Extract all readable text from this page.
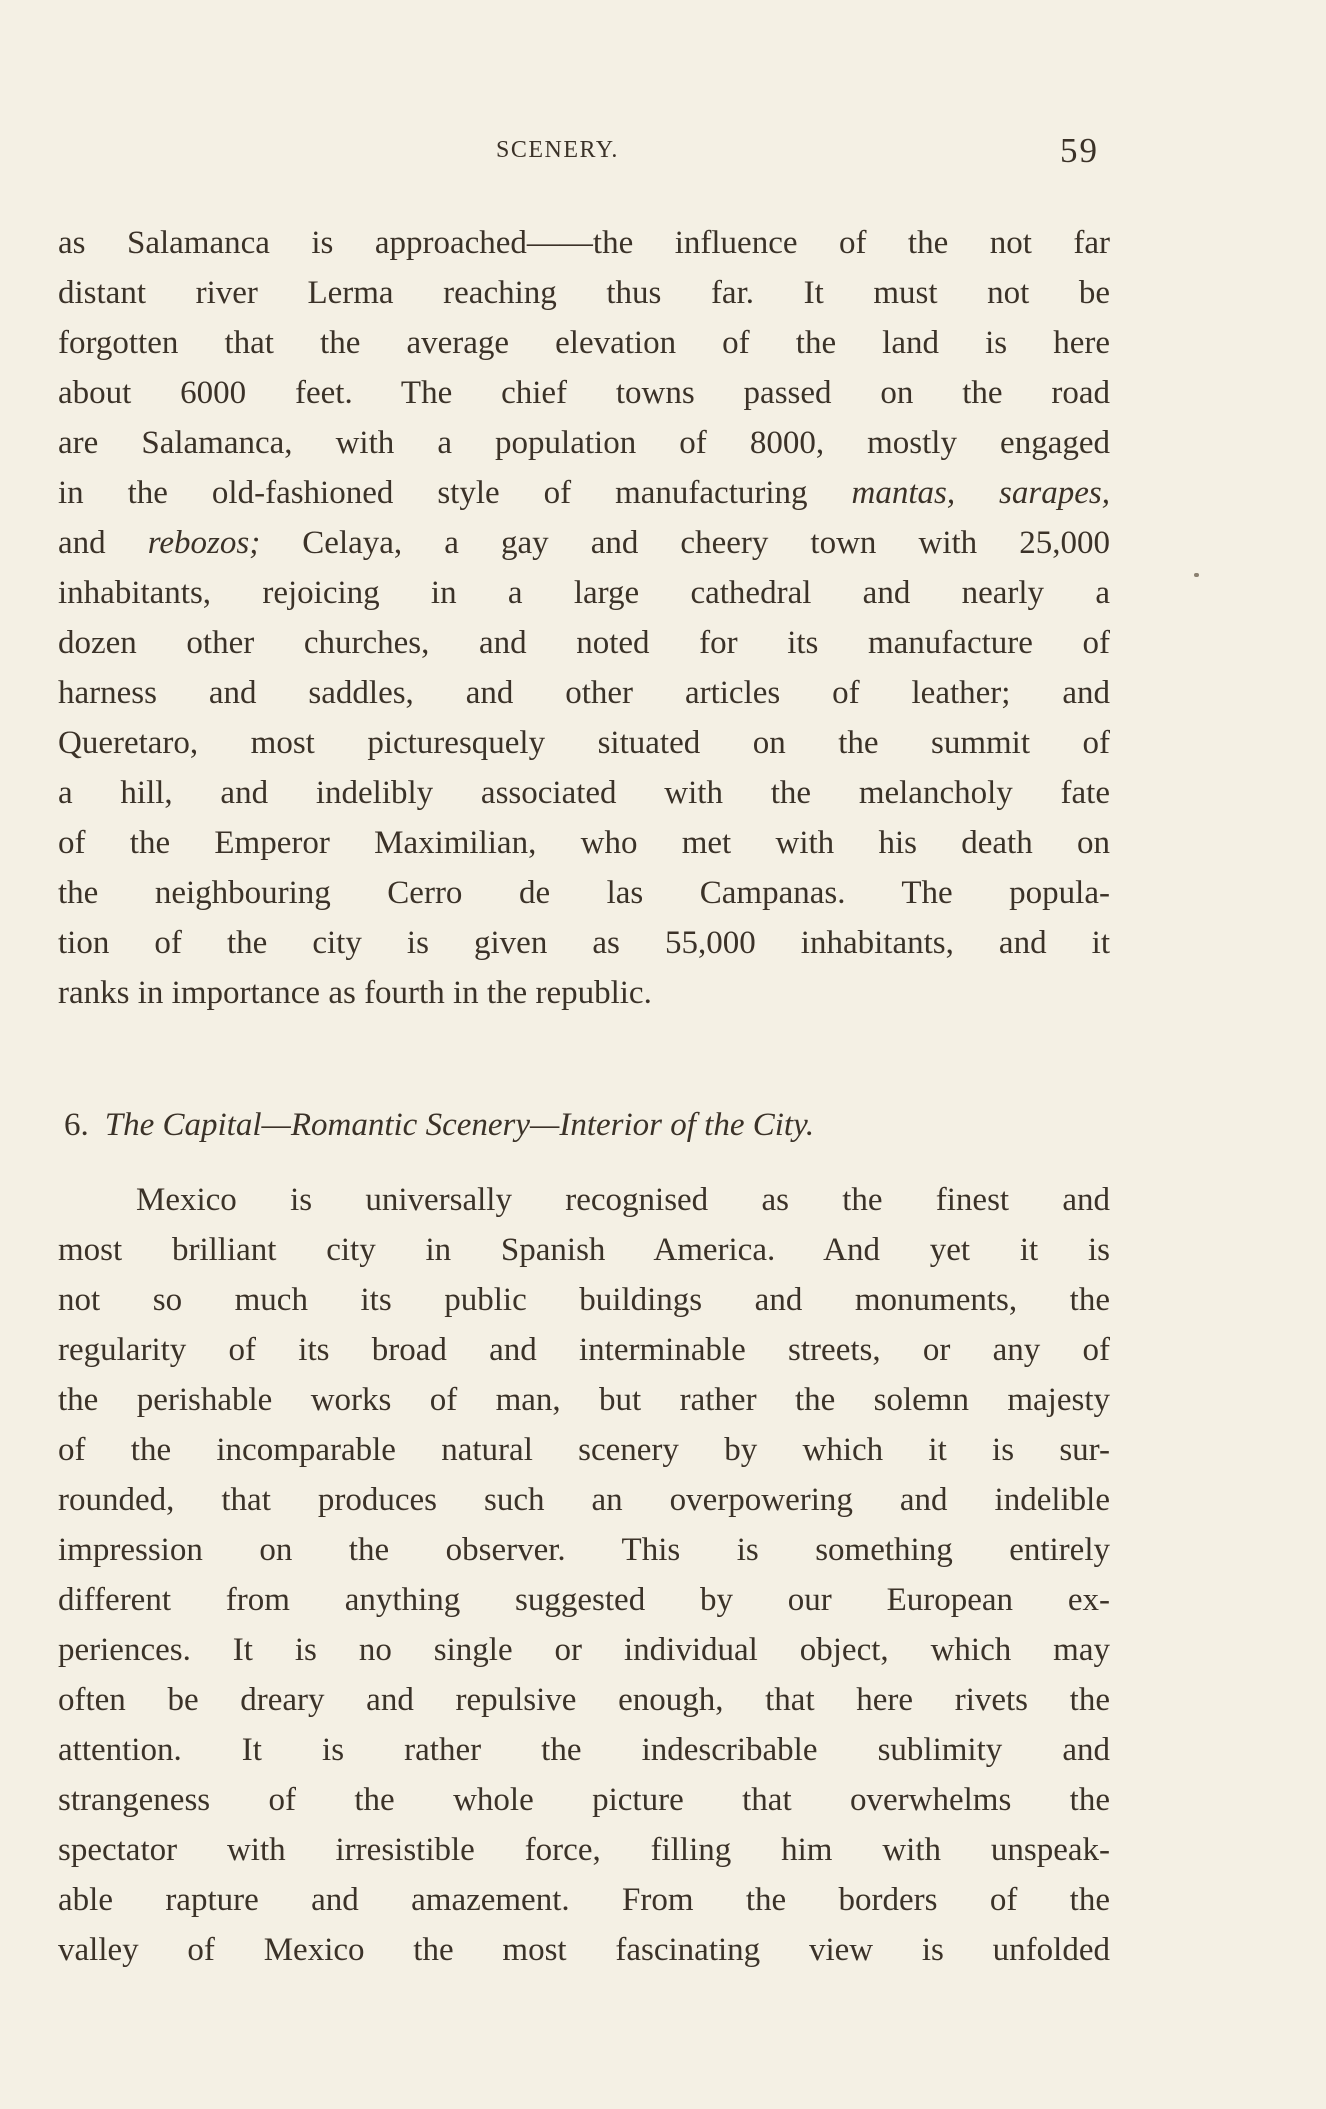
SCENERY.	59
as Salamanca is approached——the influence of the not far
distant river Lerma reaching thus far. It must not be
forgotten that the average elevation of the land is here
about 6000 feet. The chief towns passed on the road
are Salamanca, with a population of 8000, mostly engaged
in the old-fashioned style of manufacturing mantas, sarapes,
and rebozos; Celaya, a gay and cheery town with 25,000
inhabitants, rejoicing in a large cathedral and nearly a
dozen other churches, and noted for its manufacture of
harness and saddles, and other articles of leather; and
Queretaro, most picturesquely situated on the summit of
a hill, and indelibly associated with the melancholy fate
of the Emperor Maximilian, who met with his death on
the neighbouring Cerro de las Campanas. The popula-
tion of the city is given as 55,000 inhabitants, and it
ranks in importance as fourth in the republic.
6. The Capital—Romantic Scenery—Interior of the City.
Mexico is universally recognised as the finest and
most brilliant city in Spanish America. And yet it is
not so much its public buildings and monuments, the
regularity of its broad and interminable streets, or any of
the perishable works of man, but rather the solemn majesty
of the incomparable natural scenery by which it is sur-
rounded, that produces such an overpowering and indelible
impression on the observer. This is something entirely
different from anything suggested by our European ex-
periences. It is no single or individual object, which may
often be dreary and repulsive enough, that here rivets the
attention. It is rather the indescribable sublimity and
strangeness of the whole picture that overwhelms the
spectator with irresistible force, filling him with unspeak-
able rapture and amazement. From the borders of the
valley of Mexico the most fascinating view is unfolded
